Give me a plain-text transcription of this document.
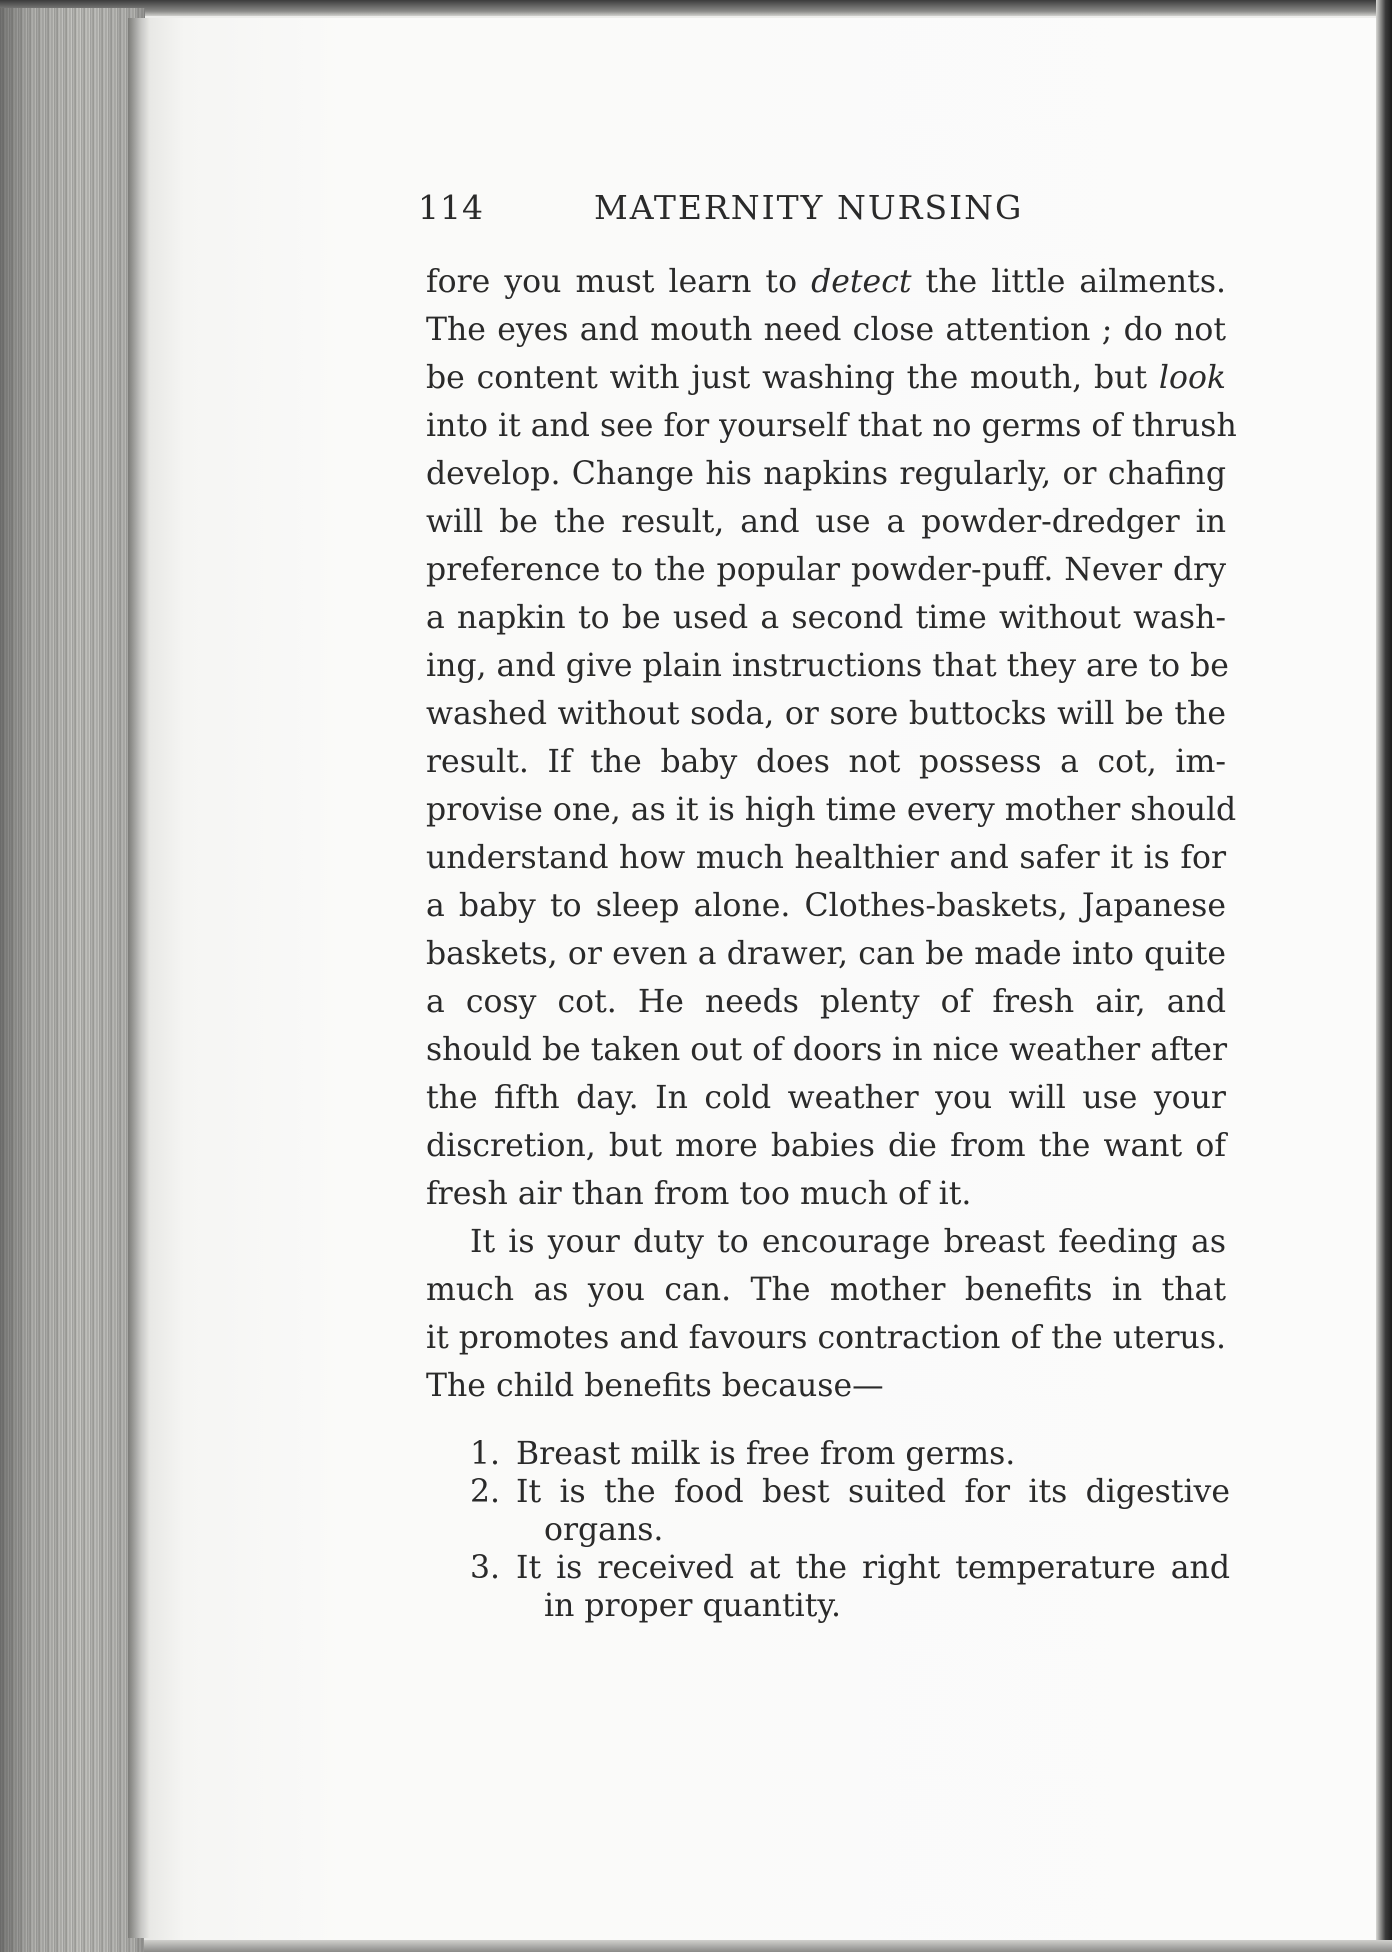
114	MATERNITY NURSING
fore you must learn to detect the little ailments.
The eyes and mouth need close attention ; do not
be content with just washing the mouth, but look
into it and see for yourself that no germs of thrush
develop. Change his napkins regularly, or chafing
will be the result, and use a powder-dredger in
preference to the popular powder-puff. Never dry
a napkin to be used a second time without wash-
ing, and give plain instructions that they are to be
washed without soda, or sore buttocks will be the
result. If the baby does not possess a cot, im-
provise one, as it is high time every mother should
understand how much healthier and safer it is for
a baby to sleep alone. Clothes-baskets, Japanese
baskets, or even a drawer, can be made into quite
a cosy cot. He needs plenty of fresh air, and
should be taken out of doors in nice weather after
the fifth day. In cold weather you will use your
discretion, but more babies die from the want of
fresh air than from too much of it.
It is your duty to encourage breast feeding as
much as you can. The mother benefits in that
it promotes and favours contraction of the uterus.
The child benefits because—
1. Breast milk is free from germs.
2. It is the food best suited for its digestive
organs.
3. It is received at the right temperature and
in proper quantity.
